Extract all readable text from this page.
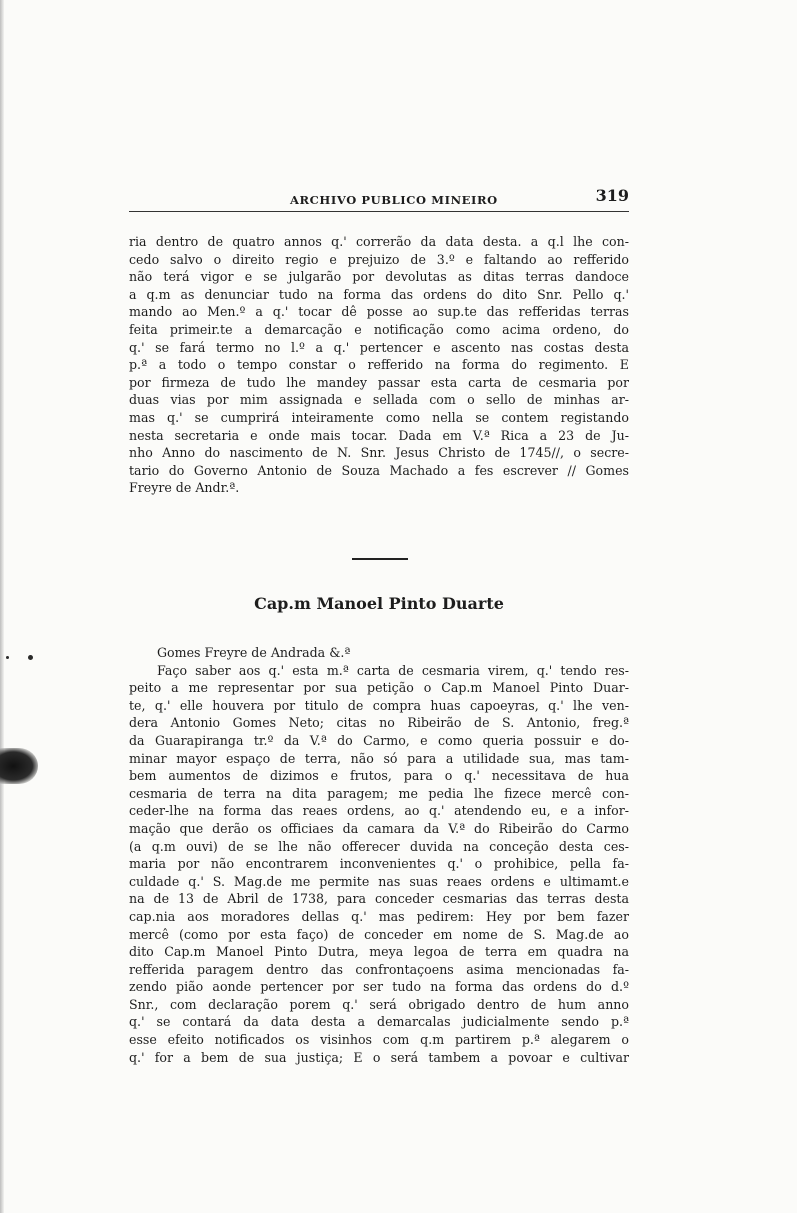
ARCHIVO PUBLICO MINEIRO	319
ria dentro de quatro annos q.' correrão da data desta. a q.l lhe con-
cedo salvo o direito regio e prejuizo de 3.º e faltando ao refferido
não terá vigor e se julgarão por devolutas as ditas terras dandoce
a q.m as denunciar tudo na forma das ordens do dito Snr. Pello q.'
mando ao Men.º a q.' tocar dê posse ao sup.te das refferidas terras
feita primeir.te a demarcação e notificação como acima ordeno, do
q.' se fará termo no l.º a q.' pertencer e ascento nas costas desta
p.ª a todo o tempo constar o refferido na forma do regimento. E
por firmeza de tudo lhe mandey passar esta carta de cesmaria por
duas vias por mim assignada e sellada com o sello de minhas ar-
mas q.' se cumprirá inteiramente como nella se contem registando
nesta secretaria e onde mais tocar. Dada em V.ª Rica a 23 de Ju-
nho Anno do nascimento de N. Snr. Jesus Christo de 1745//, o secre-
tario do Governo Antonio de Souza Machado a fes escrever // Gomes
Freyre de Andr.ª.
Cap.m Manoel Pinto Duarte
Gomes Freyre de Andrada &.ª
Faço saber aos q.' esta m.ª carta de cesmaria virem, q.' tendo res-
peito a me representar por sua petição o Cap.m Manoel Pinto Duar-
te, q.' elle houvera por titulo de compra huas capoeyras, q.' lhe ven-
dera Antonio Gomes Neto; citas no Ribeirão de S. Antonio, freg.ª
da Guarapiranga tr.º da V.ª do Carmo, e como queria possuir e do-
minar mayor espaço de terra, não só para a utilidade sua, mas tam-
bem aumentos de dizimos e frutos, para o q.' necessitava de hua
cesmaria de terra na dita paragem; me pedia lhe fizece mercê con-
ceder-lhe na forma das reaes ordens, ao q.' atendendo eu, e a infor-
mação que derão os officiaes da camara da V.ª do Ribeirão do Carmo
(a q.m ouvi) de se lhe não offerecer duvida na conceção desta ces-
maria por não encontrarem inconvenientes q.' o prohibice, pella fa-
culdade q.' S. Mag.de me permite nas suas reaes ordens e ultimamt.e
na de 13 de Abril de 1738, para conceder cesmarias das terras desta
cap.nia aos moradores dellas q.' mas pedirem: Hey por bem fazer
mercê (como por esta faço) de conceder em nome de S. Mag.de ao
dito Cap.m Manoel Pinto Dutra, meya legoa de terra em quadra na
refferida paragem dentro das confrontaçoens asima mencionadas fa-
zendo pião aonde pertencer por ser tudo na forma das ordens do d.º
Snr., com declaração porem q.' será obrigado dentro de hum anno
q.' se contará da data desta a demarcalas judicialmente sendo p.ª
esse efeito notificados os visinhos com q.m partirem p.ª alegarem o
q.' for a bem de sua justiça; E o será tambem a povoar e cultivar
